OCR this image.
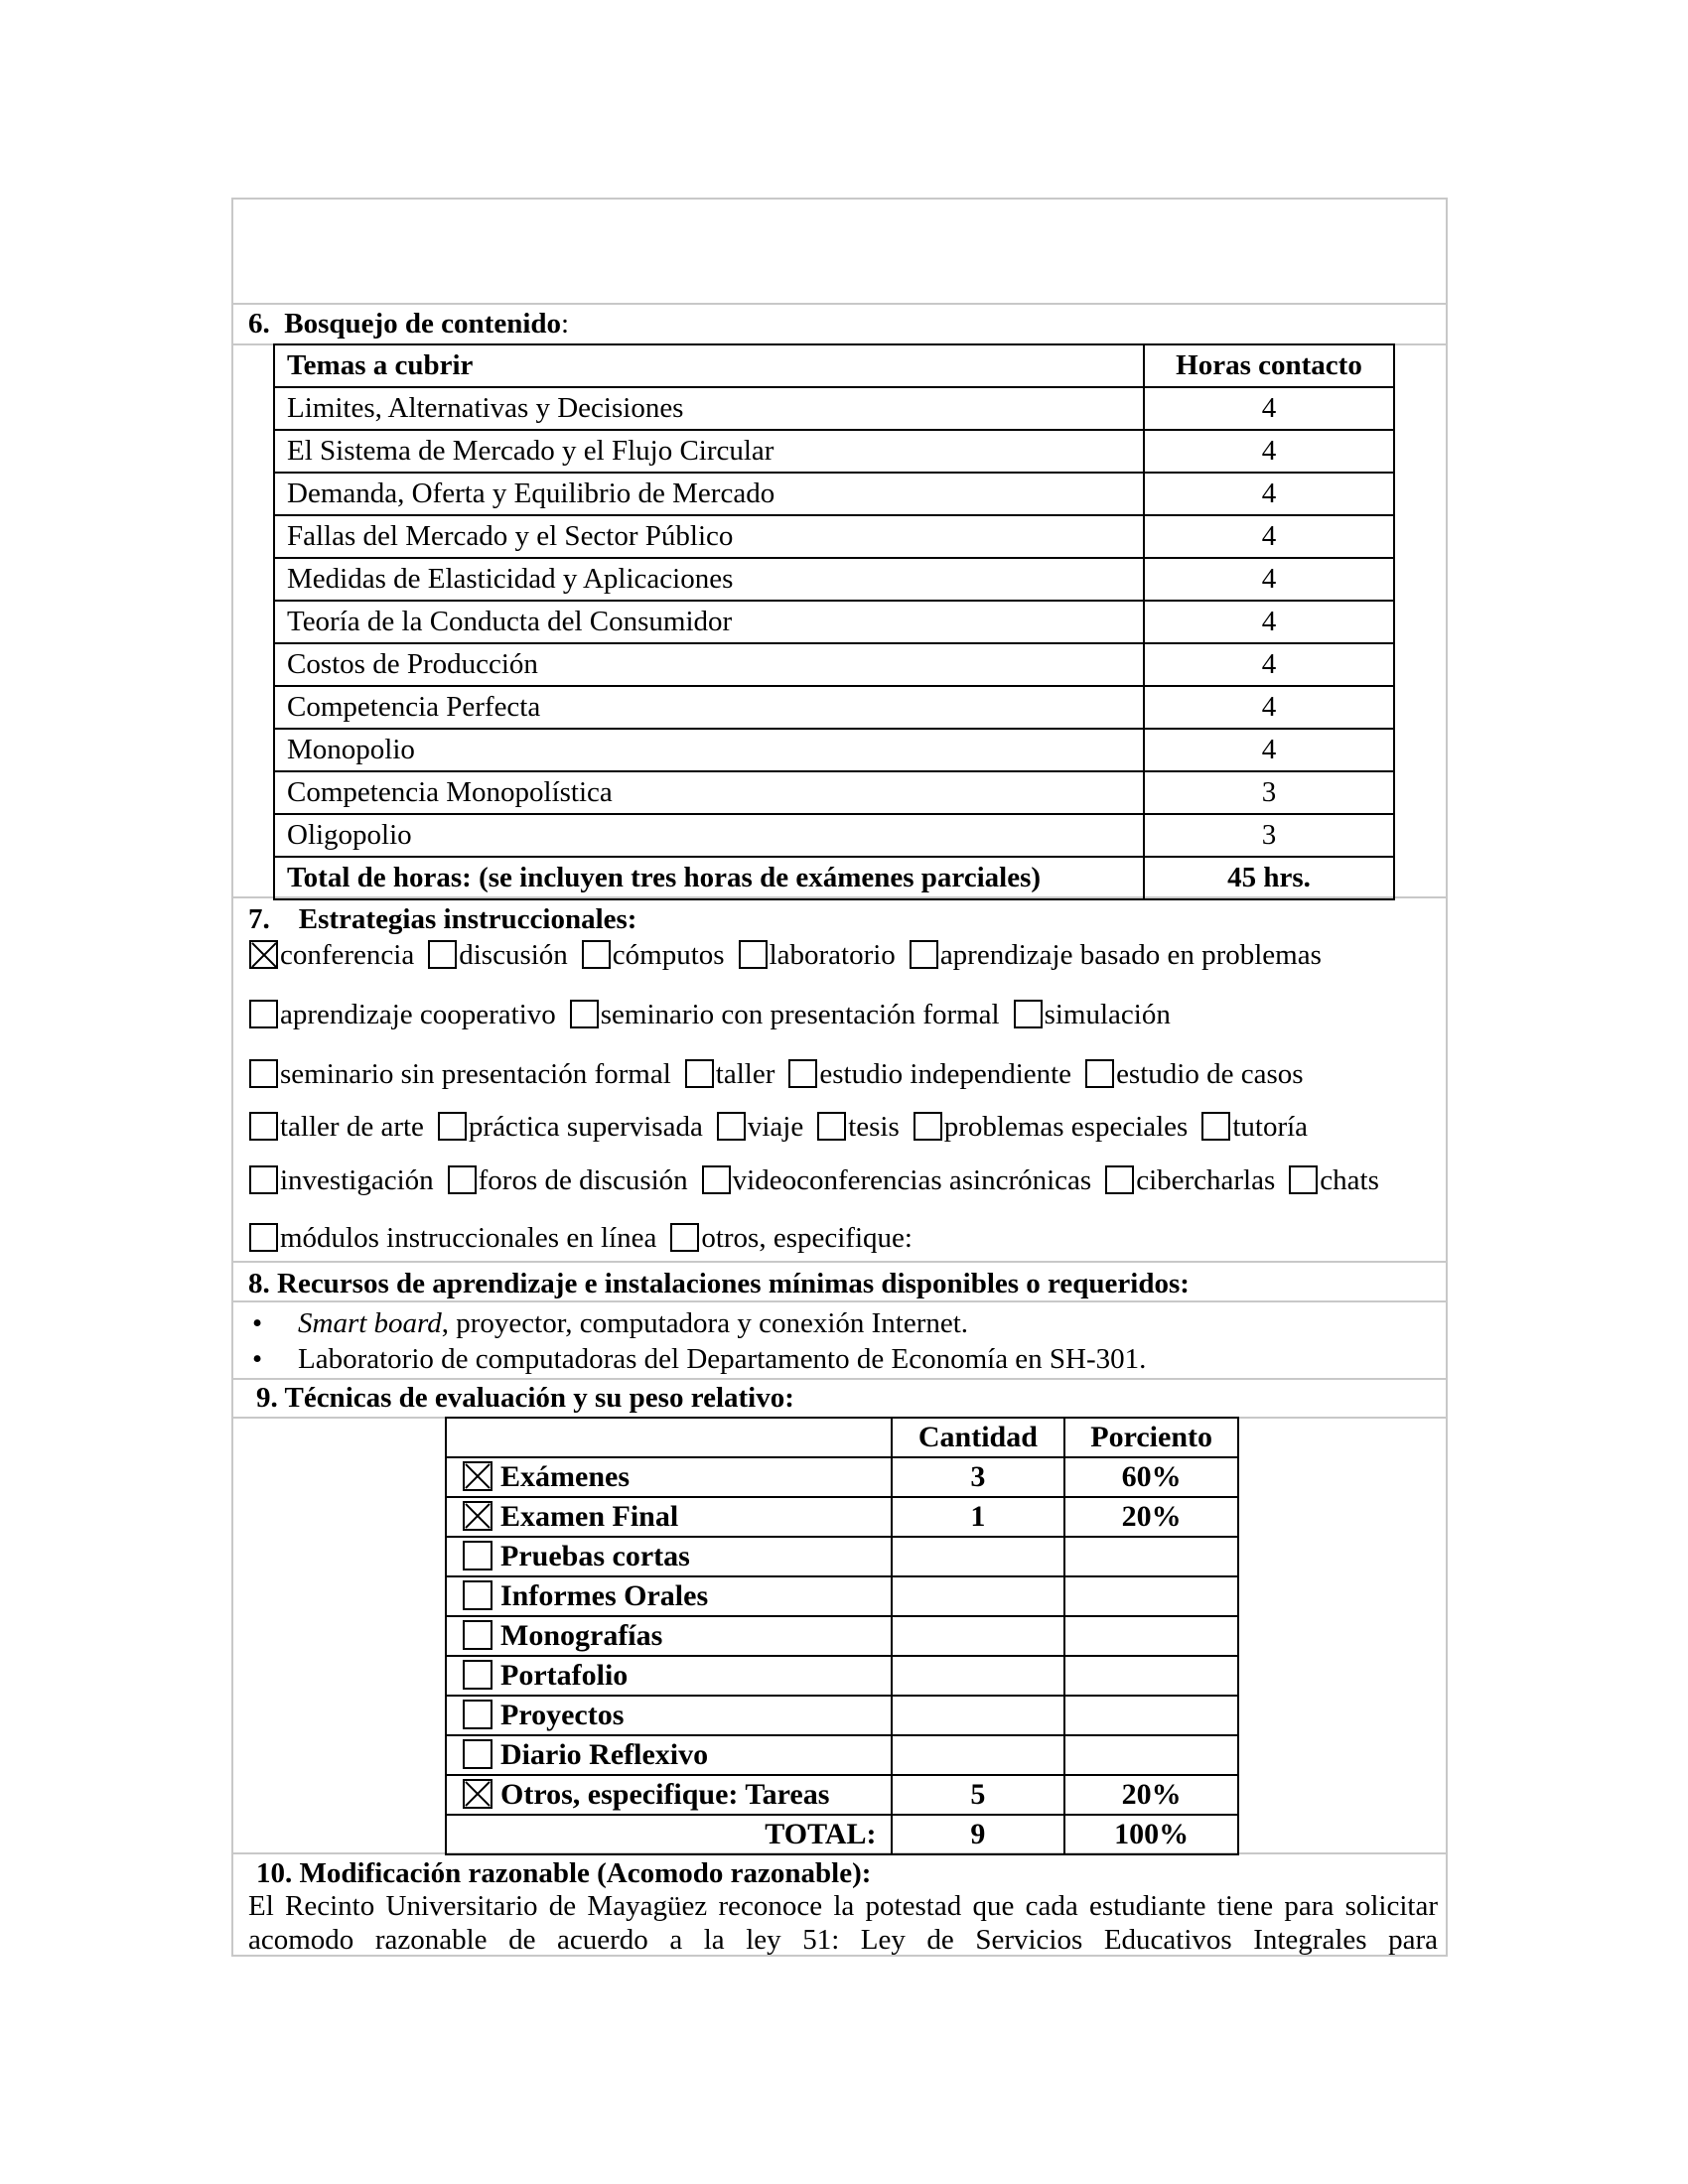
6. Bosquejo de contenido:
Temas a cubrir	Horas contacto
Limites, Alternativas y Decisiones	4
El Sistema de Mercado y el Flujo Circular	4
Demanda, Oferta y Equilibrio de Mercado	4
Fallas del Mercado y el Sector Público	4
Medidas de Elasticidad y Aplicaciones	4
Teoría de la Conducta del Consumidor	4
Costos de Producción	4
Competencia Perfecta	4
Monopolio	4
Competencia Monopolística	3
Oligopolio	3
Total de horas: (se incluyen tres horas de exámenes parciales)	45 hrs.
7. Estrategias instruccionales:
conferencia discusión cómputos laboratorio aprendizaje basado en problemas
aprendizaje cooperativo seminario con presentación formal simulación
seminario sin presentación formal taller estudio independiente estudio de casos
taller de arte práctica supervisada viaje tesis problemas especiales tutoría
investigación foros de discusión videoconferencias asincrónicas cibercharlas chats
módulos instruccionales en línea otros, especifique:
8. Recursos de aprendizaje e instalaciones mínimas disponibles o requeridos:
• Smart board, proyector, computadora y conexión Internet.
• Laboratorio de computadoras del Departamento de Economía en SH-301.
9. Técnicas de evaluación y su peso relativo:
	Cantidad	Porciento
Exámenes	3	60%
Examen Final	1	20%
Pruebas cortas		
Informes Orales		
Monografías		
Portafolio		
Proyectos		
Diario Reflexivo		
Otros, especifique: Tareas	5	20%
TOTAL:	9	100%
10. Modificación razonable (Acomodo razonable):
El Recinto Universitario de Mayagüez reconoce la potestad que cada estudiante tiene para solicitar acomodo razonable de acuerdo a la ley 51: Ley de Servicios Educativos Integrales para
